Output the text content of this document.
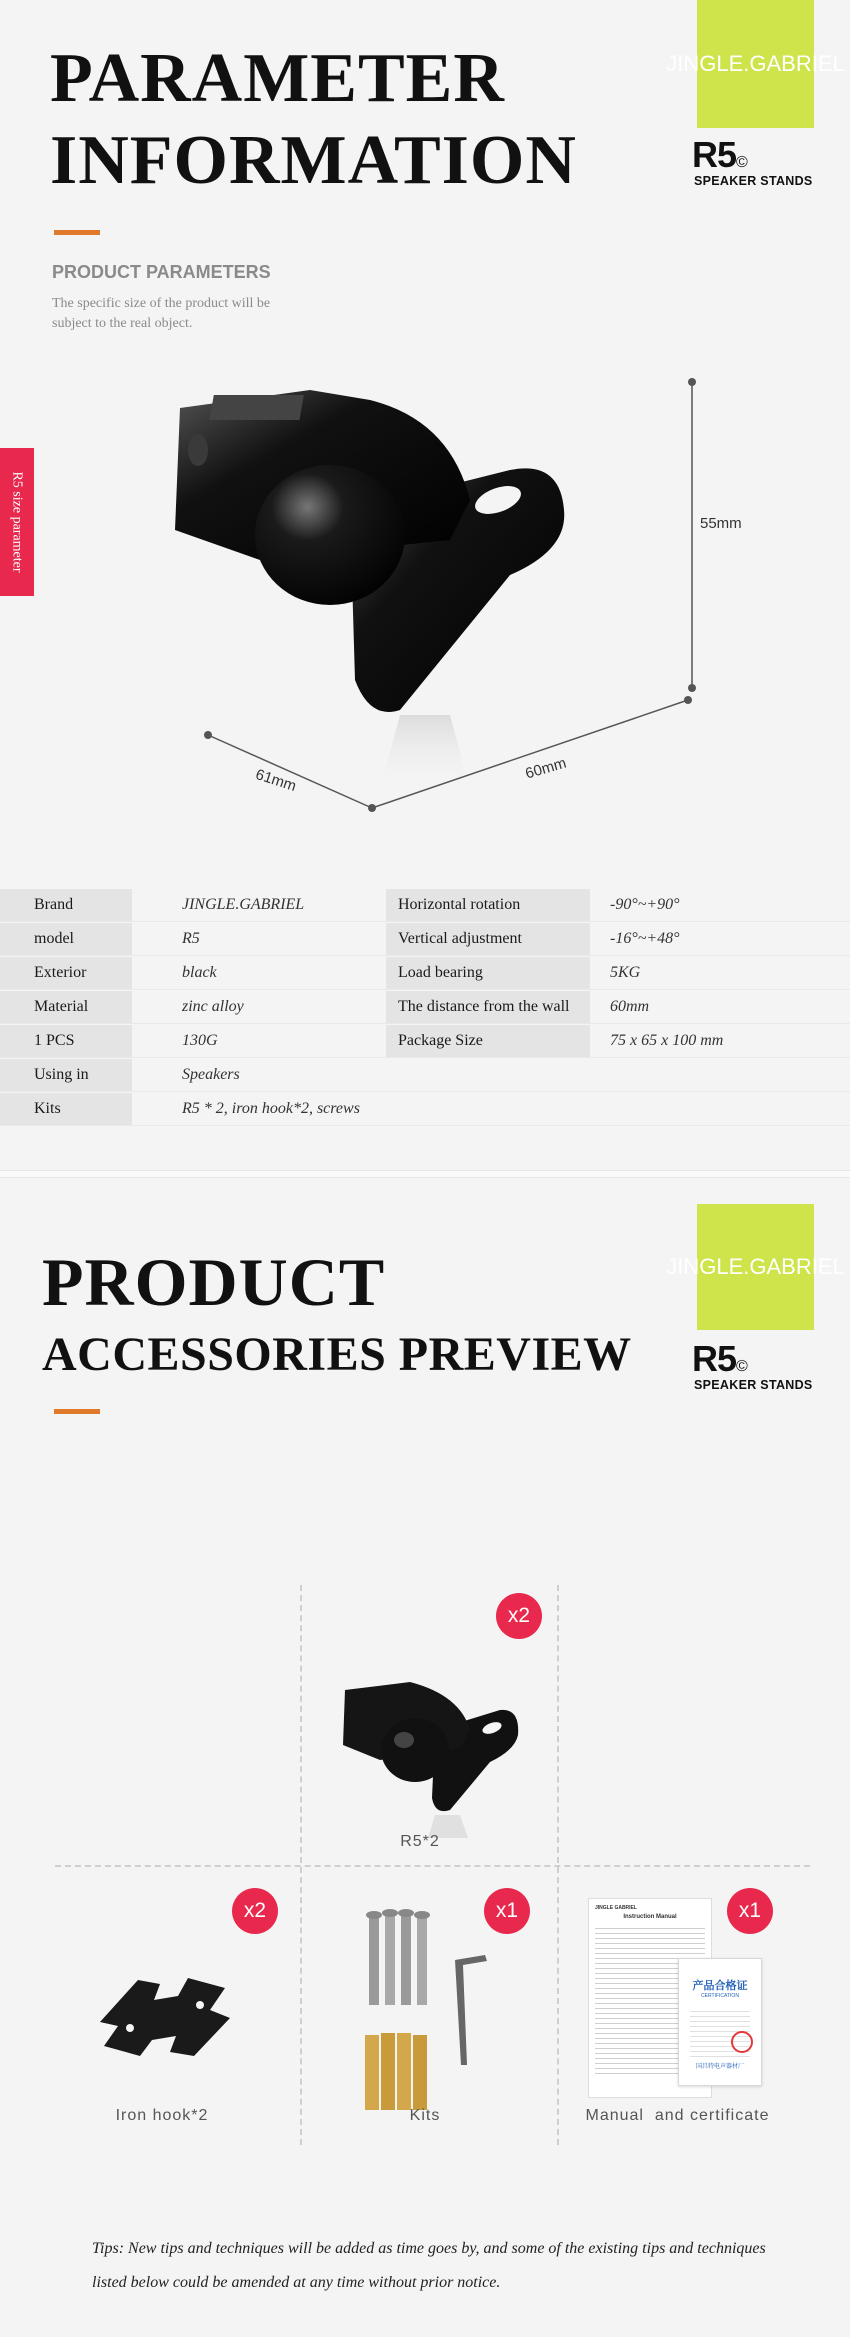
PARAMETER
INFORMATION
JINGLE.GABRIEL
R5©
SPEAKER STANDS
PRODUCT PARAMETERS
The specific size of the product will be subject to the real object.
R5 size parameter	55mm
61mm	60mm
Brand	JINGLE.GABRIEL	Horizontal rotation	-90°~+90°
model	R5	Vertical adjustment	-16°~+48°
Exterior	black	Load bearing	5KG
Material	zinc alloy	The distance from the wall	60mm
1 PCS	130G	Package Size	75 x 65 x 100 mm
Using in	Speakers
Kits	R5 * 2, iron hook*2, screws
PRODUCT
ACCESSORIES PREVIEW
JINGLE.GABRIEL
R5©
SPEAKER STANDS
x2
R5*2
x2
Iron hook*2
x1
Kits
JINGLE GABRIEL
Instruction Manual
产品合格证
CERTIFICATION
国昌特电声器材厂
x1
Manual  and certificate
Tips: New tips and techniques will be added as time goes by, and some of the existing tips and techniques listed below could be amended at any time without prior notice.
